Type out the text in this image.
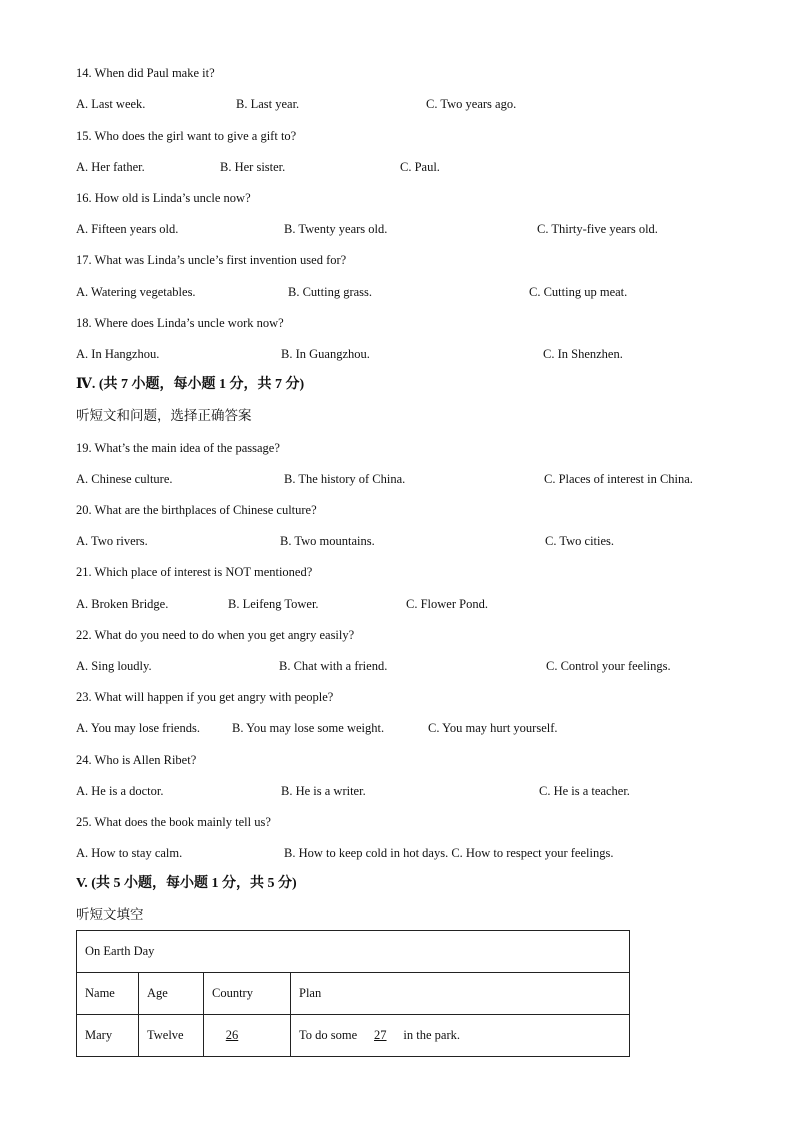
14. When did Paul make it?
A. Last week.	B. Last year.	C. Two years ago.
15. Who does the girl want to give a gift to?
A. Her father.	B. Her sister.	C. Paul.
16. How old is Linda’s uncle now?
A. Fifteen years old.	B. Twenty years old.	C. Thirty-five years old.
17. What was Linda’s uncle’s first invention used for?
A. Watering vegetables.	B. Cutting grass.	C. Cutting up meat.
18. Where does Linda’s uncle work now?
A. In Hangzhou.	B. In Guangzhou.	C. In Shenzhen.
Ⅳ. (共 7 小题，每小题 1 分，共 7 分)
听短文和问题，选择正确答案
19. What’s the main idea of the passage?
A. Chinese culture.	B. The history of China.	C. Places of interest in China.
20. What are the birthplaces of Chinese culture?
A. Two rivers.	B. Two mountains.	C. Two cities.
21. Which place of interest is NOT mentioned?
A. Broken Bridge.	B. Leifeng Tower.	C. Flower Pond.
22. What do you need to do when you get angry easily?
A. Sing loudly.	B. Chat with a friend.	C. Control your feelings.
23. What will happen if you get angry with people?
A. You may lose friends.	B. You may lose some weight.	C. You may hurt yourself.
24. Who is Allen Ribet?
A. He is a doctor.	B. He is a writer.	C. He is a teacher.
25. What does the book mainly tell us?
A. How to stay calm.	B. How to keep cold in hot days. C. How to respect your feelings.
V. (共 5 小题，每小题 1 分，共 5 分)
听短文填空
On Earth Day			
Name	Age	Country	Plan
Mary	Twelve	26	To do some 27 in the park.
